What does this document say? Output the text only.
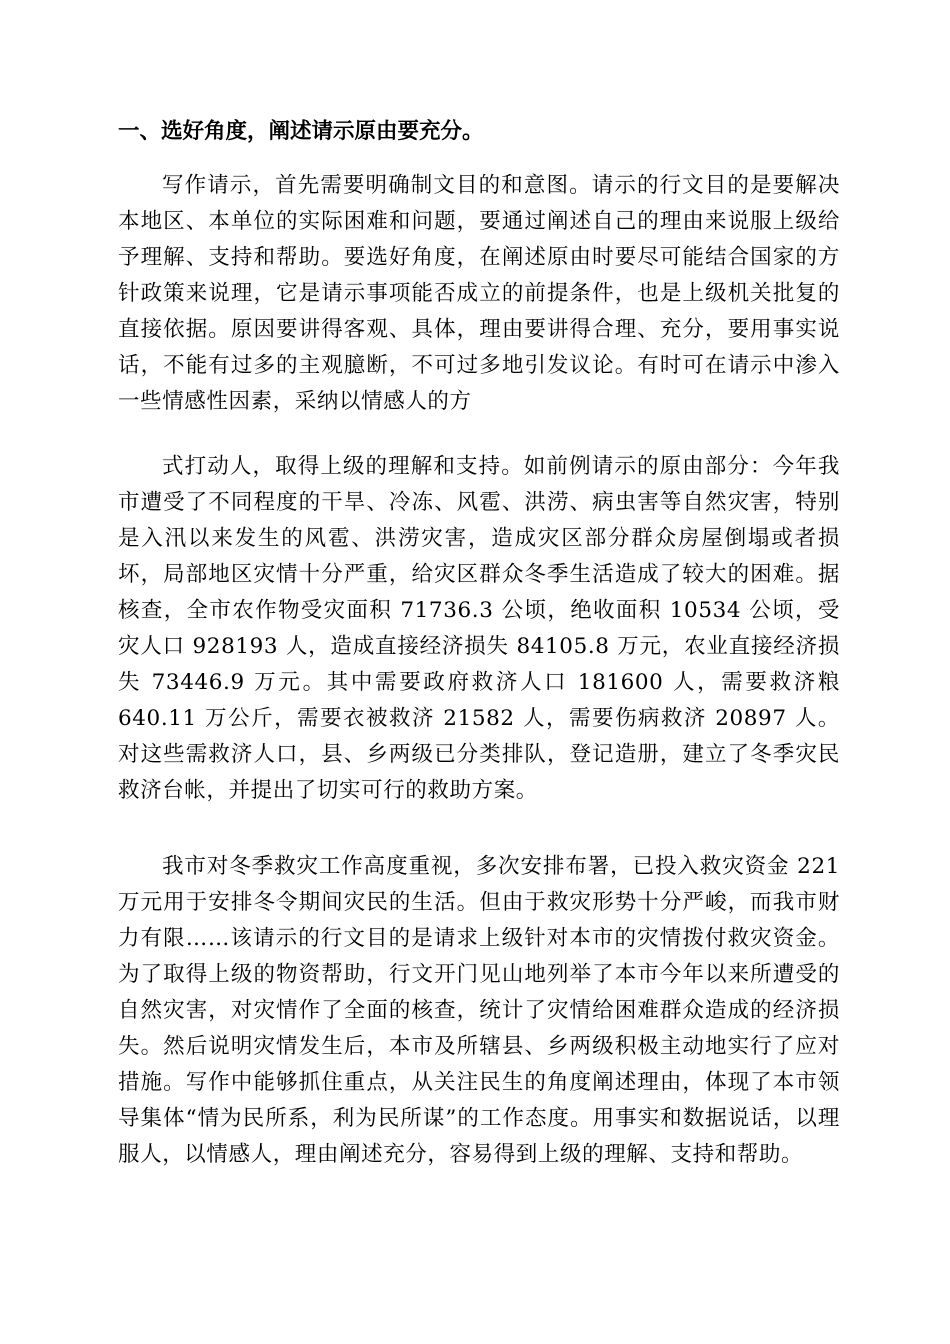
一、选好角度，阐述请示原由要充分。

写作请示，首先需要明确制文目的和意图。请示的行文目的是要解决本地区、本单位的实际困难和问题，要通过阐述自己的理由来说服上级给予理解、支持和帮助。要选好角度，在阐述原由时要尽可能结合国家的方针政策来说理，它是请示事项能否成立的前提条件，也是上级机关批复的直接依据。原因要讲得客观、具体，理由要讲得合理、充分，要用事实说话，不能有过多的主观臆断，不可过多地引发议论。有时可在请示中渗入一些情感性因素，采纳以情感人的方

式打动人，取得上级的理解和支持。如前例请示的原由部分：今年我市遭受了不同程度的干旱、冷冻、风雹、洪涝、病虫害等自然灾害，特别是入汛以来发生的风雹、洪涝灾害，造成灾区部分群众房屋倒塌或者损坏，局部地区灾情十分严重，给灾区群众冬季生活造成了较大的困难。据核查，全市农作物受灾面积 71736.3 公顷，绝收面积 10534 公顷，受灾人口 928193 人，造成直接经济损失 84105.8 万元，农业直接经济损失 73446.9 万元。其中需要政府救济人口 181600 人，需要救济粮 640.11 万公斤，需要衣被救济 21582 人，需要伤病救济 20897 人。对这些需救济人口，县、乡两级已分类排队，登记造册，建立了冬季灾民救济台帐，并提出了切实可行的救助方案。

我市对冬季救灾工作高度重视，多次安排布署，已投入救灾资金 221 万元用于安排冬令期间灾民的生活。但由于救灾形势十分严峻，而我市财力有限……该请示的行文目的是请求上级针对本市的灾情拨付救灾资金。为了取得上级的物资帮助，行文开门见山地列举了本市今年以来所遭受的自然灾害，对灾情作了全面的核查，统计了灾情给困难群众造成的经济损失。然后说明灾情发生后，本市及所辖县、乡两级积极主动地实行了应对措施。写作中能够抓住重点，从关注民生的角度阐述理由，体现了本市领导集体“情为民所系，利为民所谋”的工作态度。用事实和数据说话，以理服人，以情感人，理由阐述充分，容易得到上级的理解、支持和帮助。
